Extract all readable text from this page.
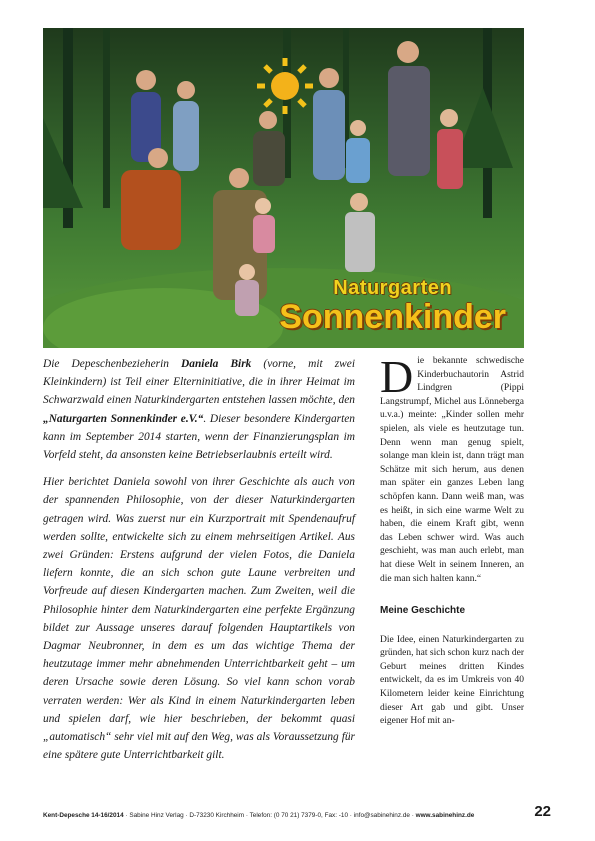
Naturgarten
Sonnenkinder

Die Depeschenbezieherin Daniela Birk (vorne, mit zwei Kleinkindern) ist Teil einer Elterninitiative, die in ihrer Heimat im Schwarzwald einen Naturkindergarten entstehen lassen möchte, den „Naturgarten Sonnenkinder e.V.“. Dieser besondere Kindergarten kann im September 2014 starten, wenn der Finanzierungsplan im Vorfeld steht, da ansonsten keine Betriebserlaubnis erteilt wird.

Hier berichtet Daniela sowohl von ihrer Geschichte als auch von der spannenden Philosophie, von der dieser Naturkindergarten getragen wird. Was zuerst nur ein Kurzportrait mit Spendenaufruf werden sollte, entwickelte sich zu einem mehrseitigen Artikel. Aus zwei Gründen: Erstens aufgrund der vielen Fotos, die Daniela liefern konnte, die an sich schon gute Laune verbreiten und Vorfreude auf diesen Kindergarten machen. Zum Zweiten, weil die Philosophie hinter dem Naturkindergarten eine perfekte Ergänzung bildet zur Aussage unseres darauf folgenden Hauptartikels von Dagmar Neubronner, in dem es um das wichtige Thema der heutzutage immer mehr abnehmenden Unterrichtbarkeit geht – um deren Ursache sowie deren Lösung. So viel kann schon vorab verraten werden: Wer als Kind in einem Naturkindergarten leben und spielen darf, wie hier beschrieben, der bekommt quasi „automatisch“ sehr viel mit auf den Weg, was als Voraussetzung für eine spätere gute Unterrichtbarkeit gilt.

Die bekannte schwedische Kinderbuchautorin Astrid Lindgren (Pippi Langstrumpf, Michel aus Lönneberga u.v.a.) meinte: „Kinder sollen mehr spielen, als viele es heutzutage tun. Denn wenn man genug spielt, solange man klein ist, dann trägt man Schätze mit sich herum, aus denen man später ein ganzes Leben lang schöpfen kann. Dann weiß man, was es heißt, in sich eine warme Welt zu haben, die einem Kraft gibt, wenn das Leben schwer wird. Was auch geschieht, was man auch erlebt, man hat diese Welt in seinem Inneren, an die man sich halten kann.“

Meine Geschichte

Die Idee, einen Naturkindergarten zu gründen, hat sich schon kurz nach der Geburt meines dritten Kindes entwickelt, da es im Umkreis von 40 Kilometern leider keine Einrichtung dieser Art gab und gibt. Unser eigener Hof mit an-

Kent-Depesche 14-16/2014 · Sabine Hinz Verlag · D-73230 Kirchheim · Telefon: (0 70 21) 7379-0, Fax: -10 · info@sabinehinz.de · www.sabinehinz.de	22
